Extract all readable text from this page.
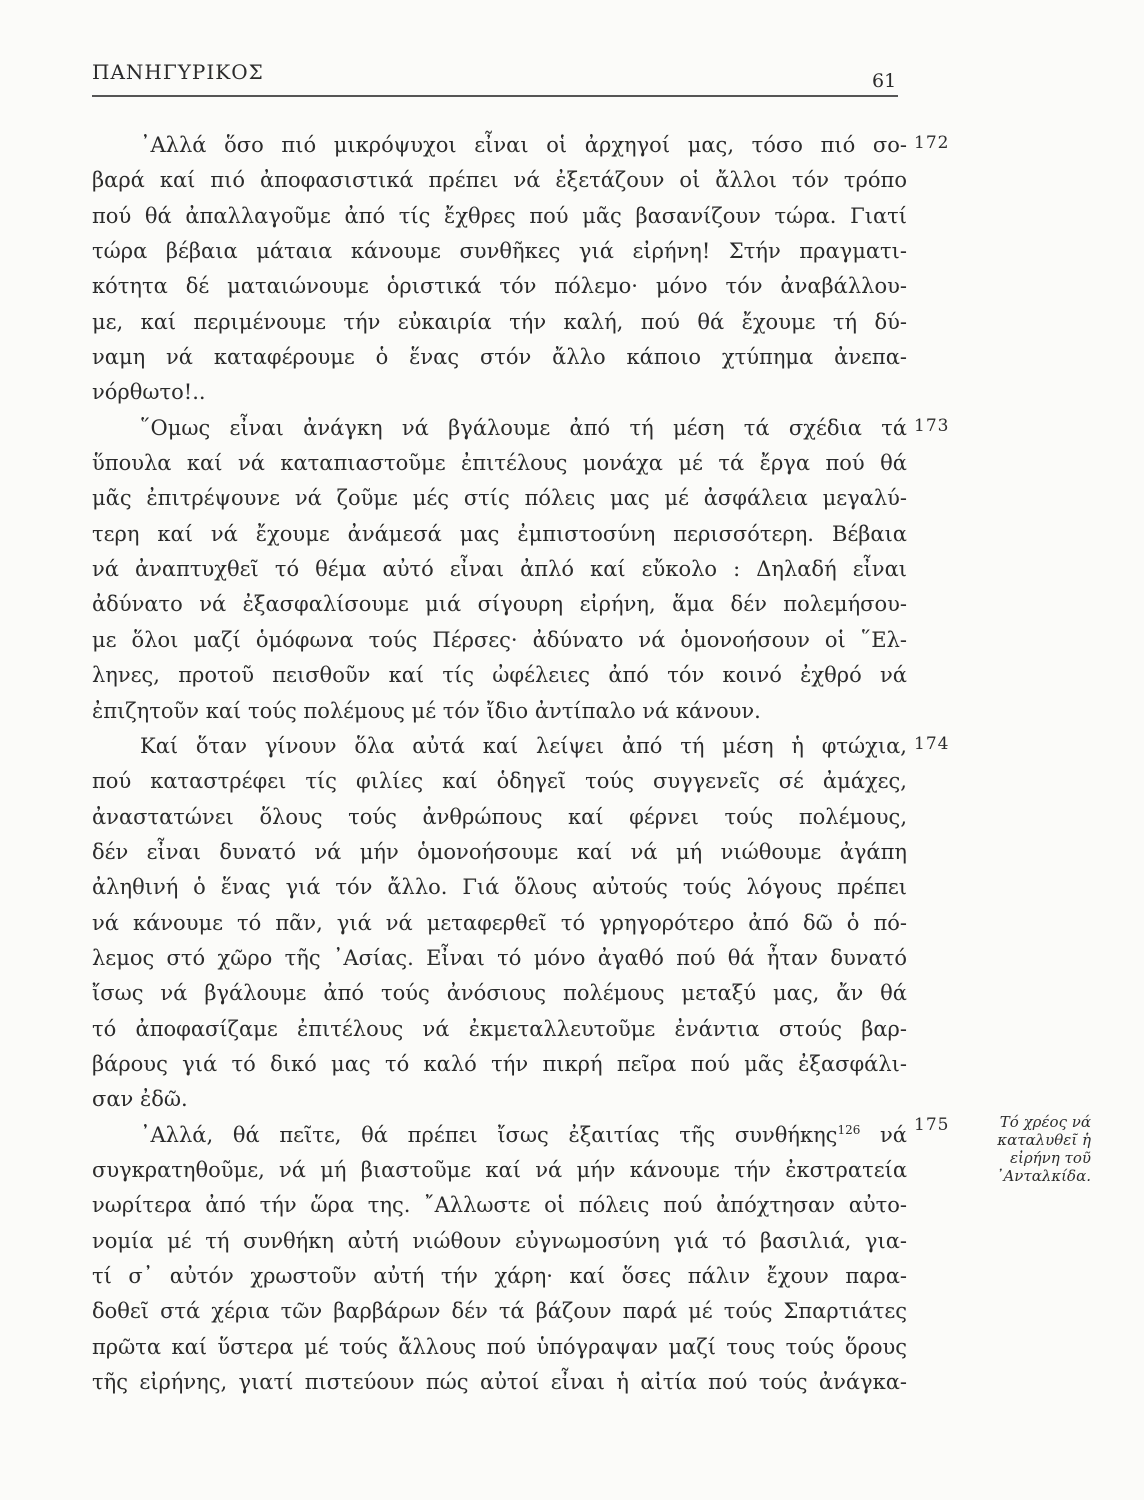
ΠΑΝΗΓΥΡΙΚΟΣ	61
᾽Αλλά ὅσο πιό μικρόψυχοι εἶναι οἱ ἀρχηγοί μας, τόσο πιό σο-
βαρά καί πιό ἀποφασιστικά πρέπει νά ἐξετάζουν οἱ ἄλλοι τόν τρόπο
πού θά ἀπαλλαγοῦμε ἀπό τίς ἔχθρες πού μᾶς βασανίζουν τώρα. Γιατί
τώρα βέβαια μάταια κάνουμε συνθῆκες γιά εἰρήνη! Στήν πραγματι-
κότητα δέ ματαιώνουμε ὁριστικά τόν πόλεμο· μόνο τόν ἀναβάλλου-
με, καί περιμένουμε τήν εὐκαιρία τήν καλή, πού θά ἔχουμε τή δύ-
ναμη νά καταφέρουμε ὁ ἕνας στόν ἄλλο κάποιο χτύπημα ἀνεπα-
νόρθωτο!..
῞Ομως εἶναι ἀνάγκη νά βγάλουμε ἀπό τή μέση τά σχέδια τά
ὕπουλα καί νά καταπιαστοῦμε ἐπιτέλους μονάχα μέ τά ἔργα πού θά
μᾶς ἐπιτρέψουνε νά ζοῦμε μές στίς πόλεις μας μέ ἀσφάλεια μεγαλύ-
τερη καί νά ἔχουμε ἀνάμεσά μας ἐμπιστοσύνη περισσότερη. Βέβαια
νά ἀναπτυχθεῖ τό θέμα αὐτό εἶναι ἀπλό καί εὔκολο : Δηλαδή εἶναι
ἀδύνατο νά ἐξασφαλίσουμε μιά σίγουρη εἰρήνη, ἅμα δέν πολεμήσου-
με ὅλοι μαζί ὁμόφωνα τούς Πέρσες· ἀδύνατο νά ὁμονοήσουν οἱ ῞Ελ-
ληνες, προτοῦ πεισθοῦν καί τίς ὠφέλειες ἀπό τόν κοινό ἐχθρό νά
ἐπιζητοῦν καί τούς πολέμους μέ τόν ἴδιο ἀντίπαλο νά κάνουν.
Καί ὅταν γίνουν ὅλα αὐτά καί λείψει ἀπό τή μέση ἡ φτώχια,
πού καταστρέφει τίς φιλίες καί ὁδηγεῖ τούς συγγενεῖς σέ ἀμάχες,
ἀναστατώνει ὅλους τούς ἀνθρώπους καί φέρνει τούς πολέμους,
δέν εἶναι δυνατό νά μήν ὁμονοήσουμε καί νά μή νιώθουμε ἀγάπη
ἀληθινή ὁ ἕνας γιά τόν ἄλλο. Γιά ὅλους αὐτούς τούς λόγους πρέπει
νά κάνουμε τό πᾶν, γιά νά μεταφερθεῖ τό γρηγορότερο ἀπό δῶ ὁ πό-
λεμος στό χῶρο τῆς ᾽Ασίας. Εἶναι τό μόνο ἀγαθό πού θά ἦταν δυνατό
ἴσως νά βγάλουμε ἀπό τούς ἀνόσιους πολέμους μεταξύ μας, ἄν θά
τό ἀποφασίζαμε ἐπιτέλους νά ἐκμεταλλευτοῦμε ἐνάντια στούς βαρ-
βάρους γιά τό δικό μας τό καλό τήν πικρή πεῖρα πού μᾶς ἐξασφάλι-
σαν ἐδῶ.
᾽Αλλά, θά πεῖτε, θά πρέπει ἴσως ἐξαιτίας τῆς συνθήκης$^{126}$ νά
συγκρατηθοῦμε, νά μή βιαστοῦμε καί νά μήν κάνουμε τήν ἐκστρατεία
νωρίτερα ἀπό τήν ὥρα της. ῎Αλλωστε οἱ πόλεις πού ἀπόχτησαν αὐτο-
νομία μέ τή συνθήκη αὐτή νιώθουν εὐγνωμοσύνη γιά τό βασιλιά, για-
τί σ᾽ αὐτόν χρωστοῦν αὐτή τήν χάρη· καί ὅσες πάλιν ἔχουν παρα-
δοθεῖ στά χέρια τῶν βαρβάρων δέν τά βάζουν παρά μέ τούς Σπαρτιάτες
πρῶτα καί ὕστερα μέ τούς ἄλλους πού ὑπόγραψαν μαζί τους τούς ὅρους
τῆς εἰρήνης, γιατί πιστεύουν πώς αὐτοί εἶναι ἡ αἰτία πού τούς ἀνάγκα-
172
173
174
175	Τό χρέος νά
καταλυθεῖ ἡ
εἰρήνη τοῦ
᾽Ανταλκίδα.
